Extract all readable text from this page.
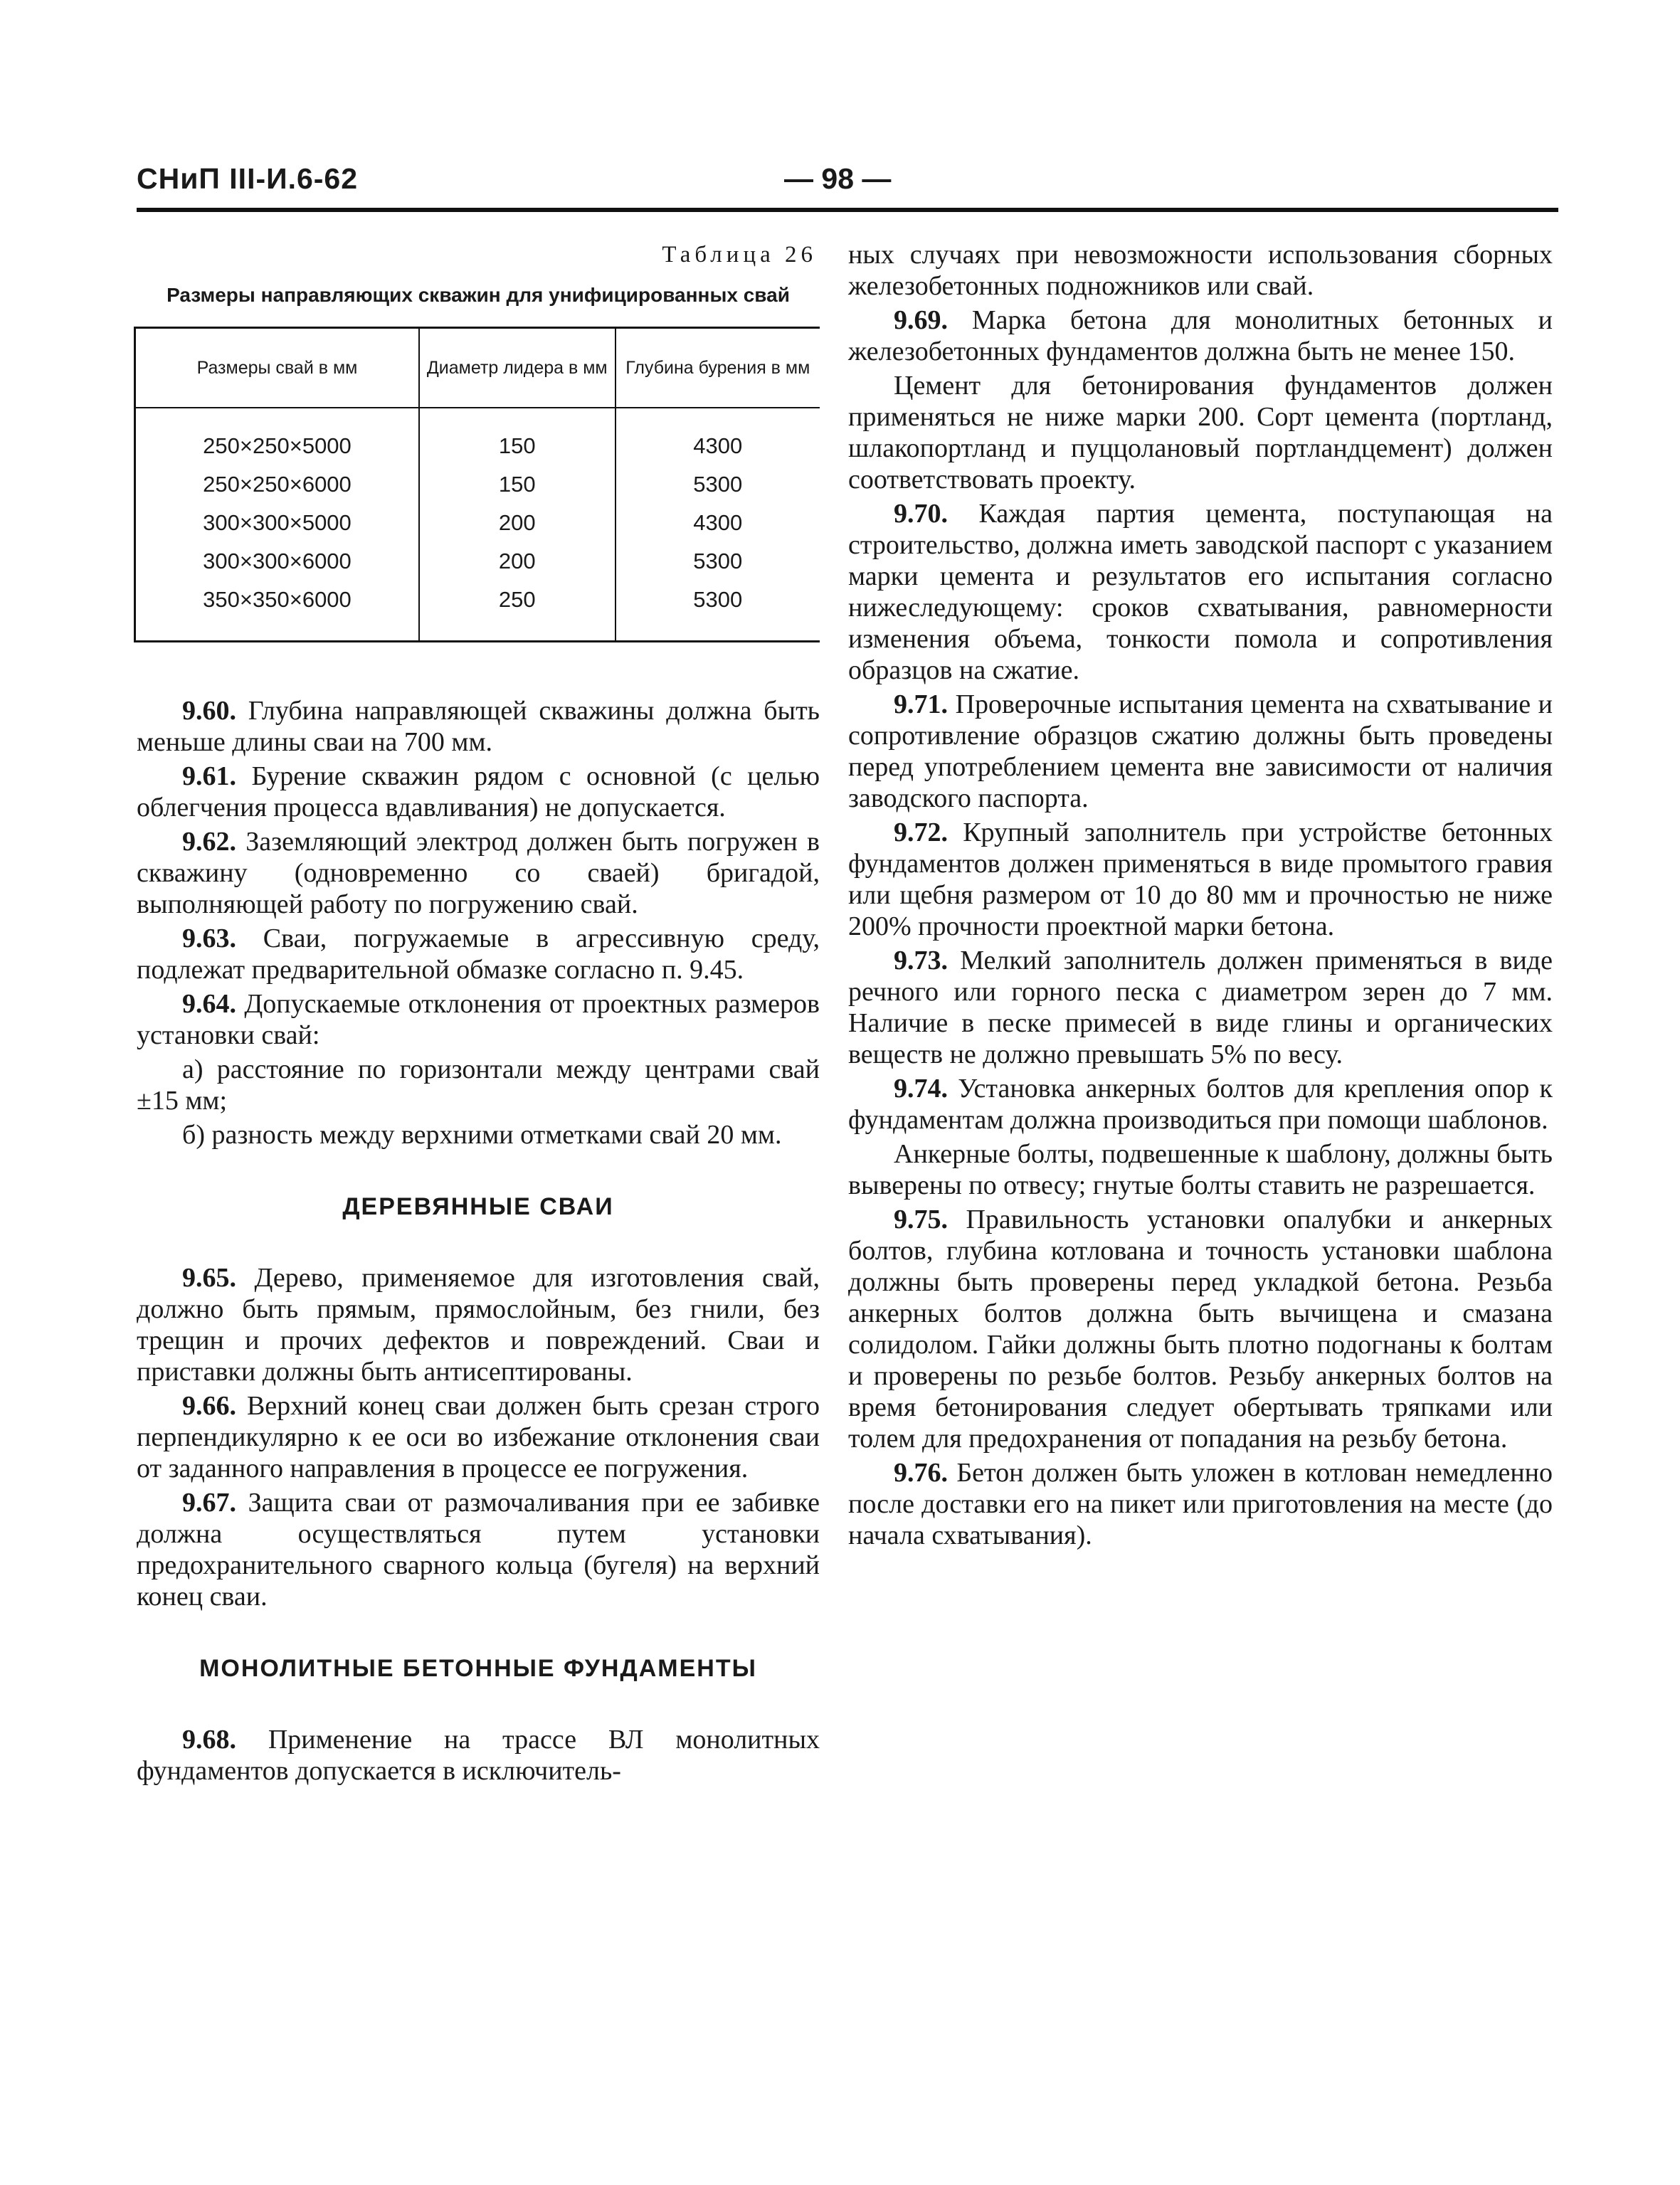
СНиП III-И.6-62	— 98 —
Таблица 26
Размеры направляющих скважин для унифицированных свай
Размеры свай в мм	Диаметр лидера в мм	Глубина бурения в мм
250×250×5000	150	4300
250×250×6000	150	5300
300×300×5000	200	4300
300×300×6000	200	5300
350×350×6000	250	5300

9.60. Глубина направляющей скважины должна быть меньше длины сваи на 700 мм.

9.61. Бурение скважин рядом с основной (с целью облегчения процесса вдавливания) не допускается.

9.62. Заземляющий электрод должен быть погружен в скважину (одновременно со сваей) бригадой, выполняющей работу по погружению свай.

9.63. Сваи, погружаемые в агрессивную среду, подлежат предварительной обмазке согласно п. 9.45.

9.64. Допускаемые отклонения от проектных размеров установки свай:

а) расстояние по горизонтали между центрами свай ±15 мм;

б) разность между верхними отметками свай 20 мм.

ДЕРЕВЯННЫЕ СВАИ

9.65. Дерево, применяемое для изготовления свай, должно быть прямым, прямослойным, без гнили, без трещин и прочих дефектов и повреждений. Сваи и приставки должны быть антисептированы.

9.66. Верхний конец сваи должен быть срезан строго перпендикулярно к ее оси во избежание отклонения сваи от заданного направления в процессе ее погружения.

9.67. Защита сваи от размочаливания при ее забивке должна осуществляться путем установки предохранительного сварного кольца (бугеля) на верхний конец сваи.

МОНОЛИТНЫЕ БЕТОННЫЕ ФУНДАМЕНТЫ

9.68. Применение на трассе ВЛ монолитных фундаментов допускается в исключитель-

ных случаях при невозможности использования сборных железобетонных подножников или свай.

9.69. Марка бетона для монолитных бетонных и железобетонных фундаментов должна быть не менее 150.

Цемент для бетонирования фундаментов должен применяться не ниже марки 200. Сорт цемента (портланд, шлакопортланд и пуццолановый портландцемент) должен соответствовать проекту.

9.70. Каждая партия цемента, поступающая на строительство, должна иметь заводской паспорт с указанием марки цемента и результатов его испытания согласно нижеследующему: сроков схватывания, равномерности изменения объема, тонкости помола и сопротивления образцов на сжатие.

9.71. Проверочные испытания цемента на схватывание и сопротивление образцов сжатию должны быть проведены перед употреблением цемента вне зависимости от наличия заводского паспорта.

9.72. Крупный заполнитель при устройстве бетонных фундаментов должен применяться в виде промытого гравия или щебня размером от 10 до 80 мм и прочностью не ниже 200% прочности проектной марки бетона.

9.73. Мелкий заполнитель должен применяться в виде речного или горного песка с диаметром зерен до 7 мм. Наличие в песке примесей в виде глины и органических веществ не должно превышать 5% по весу.

9.74. Установка анкерных болтов для крепления опор к фундаментам должна производиться при помощи шаблонов.

Анкерные болты, подвешенные к шаблону, должны быть выверены по отвесу; гнутые болты ставить не разрешается.

9.75. Правильность установки опалубки и анкерных болтов, глубина котлована и точность установки шаблона должны быть проверены перед укладкой бетона. Резьба анкерных болтов должна быть вычищена и смазана солидолом. Гайки должны быть плотно подогнаны к болтам и проверены по резьбе болтов. Резьбу анкерных болтов на время бетонирования следует обертывать тряпками или толем для предохранения от попадания на резьбу бетона.

9.76. Бетон должен быть уложен в котлован немедленно после доставки его на пикет или приготовления на месте (до начала схватывания).
